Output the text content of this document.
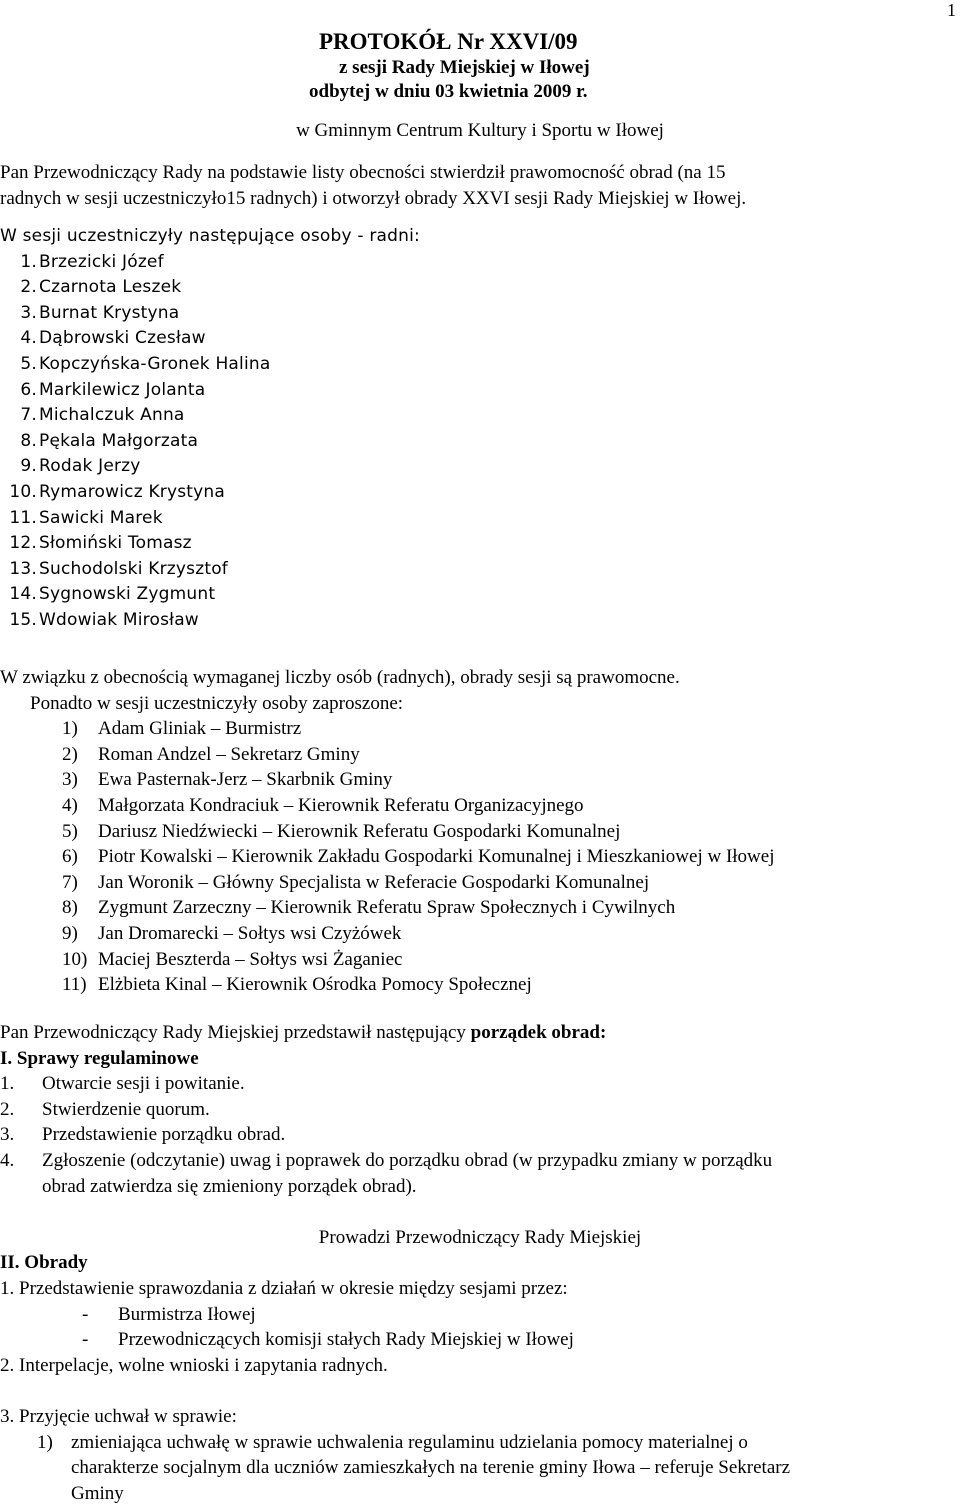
1
PROTOKÓŁ Nr XXVI/09
z sesji Rady Miejskiej w Iłowej
odbytej w dniu 03 kwietnia 2009 r.
w Gminnym Centrum Kultury i Sportu w Iłowej
Pan Przewodniczący Rady na podstawie listy obecności stwierdził prawomocność obrad (na 15
radnych w sesji uczestniczyło15 radnych) i otworzył obrady XXVI sesji Rady Miejskiej w Iłowej.
W sesji uczestniczyły następujące osoby - radni:
1. Brzezicki Józef
2. Czarnota Leszek
3. Burnat Krystyna
4. Dąbrowski Czesław
5. Kopczyńska-Gronek Halina
6. Markilewicz Jolanta
7. Michalczuk Anna
8. Pękala Małgorzata
9. Rodak Jerzy
10. Rymarowicz Krystyna
11. Sawicki Marek
12. Słomiński Tomasz
13. Suchodolski Krzysztof
14. Sygnowski Zygmunt
15. Wdowiak Mirosław
W związku z obecnością wymaganej liczby osób (radnych), obrady sesji są prawomocne.
Ponadto w sesji uczestniczyły osoby zaproszone:
1) Adam Gliniak – Burmistrz
2) Roman Andzel – Sekretarz Gminy
3) Ewa Pasternak-Jerz – Skarbnik Gminy
4) Małgorzata Kondraciuk – Kierownik Referatu Organizacyjnego
5) Dariusz Niedźwiecki – Kierownik Referatu Gospodarki Komunalnej
6) Piotr Kowalski – Kierownik Zakładu Gospodarki Komunalnej i Mieszkaniowej w Iłowej
7) Jan Woronik – Główny Specjalista w Referacie Gospodarki Komunalnej
8) Zygmunt Zarzeczny – Kierownik Referatu Spraw Społecznych i Cywilnych
9) Jan Dromarecki – Sołtys wsi Czyżówek
10) Maciej Beszterda – Sołtys wsi Żaganiec
11) Elżbieta Kinal – Kierownik Ośrodka Pomocy Społecznej
Pan Przewodniczący Rady Miejskiej przedstawił następujący porządek obrad:
I. Sprawy regulaminowe
1. Otwarcie sesji i powitanie.
2. Stwierdzenie quorum.
3. Przedstawienie porządku obrad.
4. Zgłoszenie (odczytanie) uwag i poprawek do porządku obrad (w przypadku zmiany w porządku
obrad zatwierdza się zmieniony porządek obrad).
Prowadzi Przewodniczący Rady Miejskiej
II. Obrady
1. Przedstawienie sprawozdania z działań w okresie między sesjami przez:
- Burmistrza Iłowej
- Przewodniczących komisji stałych Rady Miejskiej w Iłowej
2. Interpelacje, wolne wnioski i zapytania radnych.
3. Przyjęcie uchwał w sprawie:
1) zmieniająca uchwałę w sprawie uchwalenia regulaminu udzielania pomocy materialnej o
charakterze socjalnym dla uczniów zamieszkałych na terenie gminy Iłowa – referuje Sekretarz
Gminy
